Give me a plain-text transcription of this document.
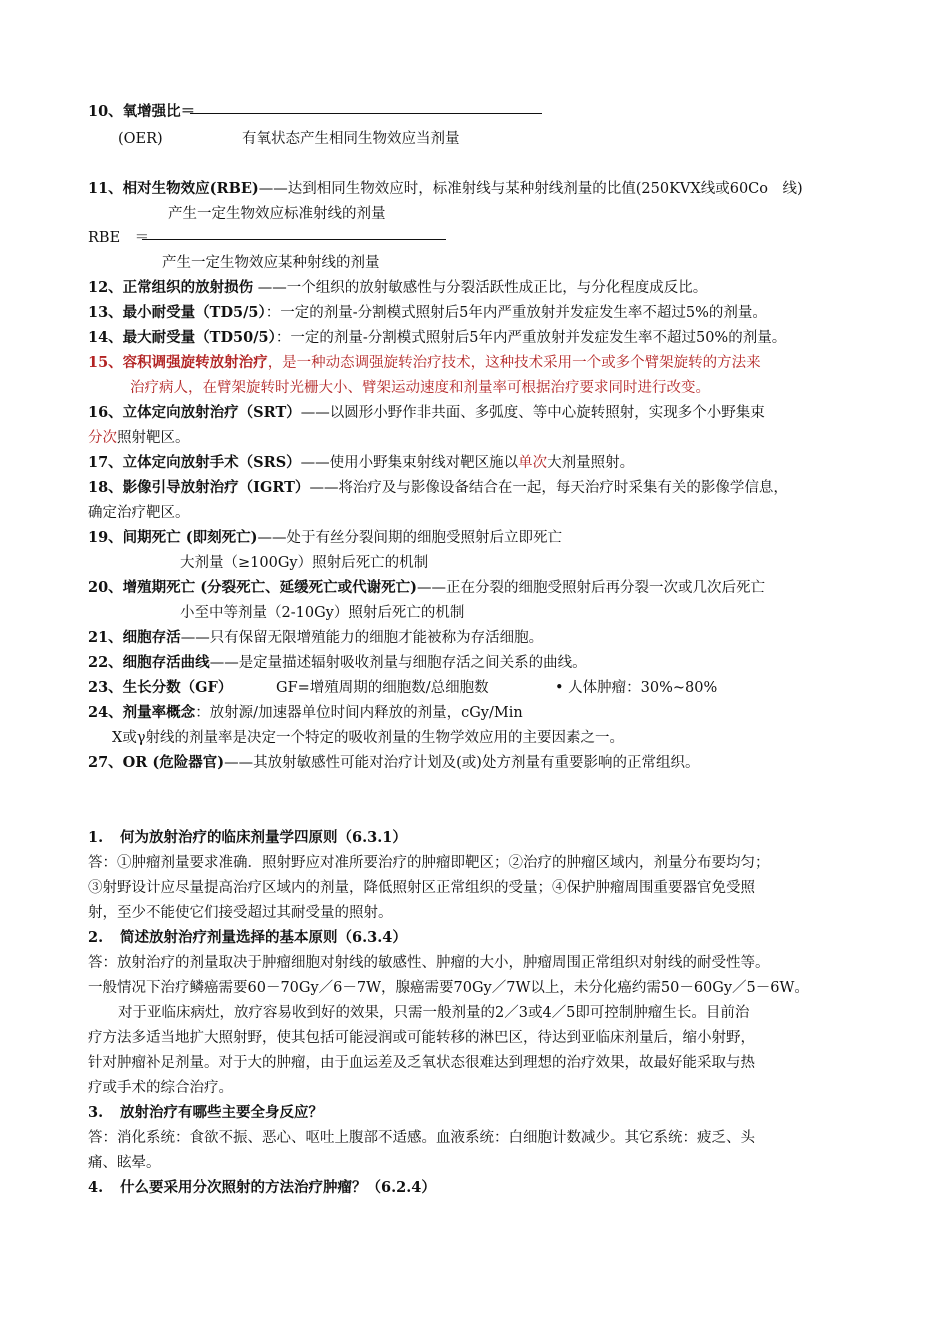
10、氧增强比＝
(OER)	有氧状态产生相同生物效应当剂量
11、相对生物效应(RBE)——达到相同生物效应时，标准射线与某种射线剂量的比值(250KVX线或60Co　线)
产生一定生物效应标准射线的剂量
RBE　＝
产生一定生物效应某种射线的剂量
12、正常组织的放射损伤 ——一个组织的放射敏感性与分裂活跃性成正比，与分化程度成反比。
13、最小耐受量（TD5/5）：一定的剂量-分割模式照射后5年内严重放射并发症发生率不超过5%的剂量。
14、最大耐受量（TD50/5）：一定的剂量-分割模式照射后5年内严重放射并发症发生率不超过50%的剂量。
15、容积调强旋转放射治疗，是一种动态调强旋转治疗技术，这种技术采用一个或多个臂架旋转的方法来
治疗病人，在臂架旋转时光栅大小、臂架运动速度和剂量率可根据治疗要求同时进行改变。
16、立体定向放射治疗（SRT）——以圆形小野作非共面、多弧度、等中心旋转照射，实现多个小野集束
分次照射靶区。
17、立体定向放射手术（SRS）——使用小野集束射线对靶区施以单次大剂量照射。
18、影像引导放射治疗（IGRT）——将治疗及与影像设备结合在一起，每天治疗时采集有关的影像学信息，
确定治疗靶区。
19、间期死亡 (即刻死亡)——处于有丝分裂间期的细胞受照射后立即死亡
大剂量（≥100Gy）照射后死亡的机制
20、增殖期死亡 (分裂死亡、延缓死亡或代谢死亡)——正在分裂的细胞受照射后再分裂一次或几次后死亡
小至中等剂量（2-10Gy）照射后死亡的机制
21、细胞存活——只有保留无限增殖能力的细胞才能被称为存活细胞。
22、细胞存活曲线——是定量描述辐射吸收剂量与细胞存活之间关系的曲线。
23、生长分数（GF）	GF=增殖周期的细胞数/总细胞数	• 人体肿瘤：30%~80%
24、剂量率概念：放射源/加速器单位时间内释放的剂量，cGy/Min
X或γ射线的剂量率是决定一个特定的吸收剂量的生物学效应用的主要因素之一。
27、OR (危险器官)——其放射敏感性可能对治疗计划及(或)处方剂量有重要影响的正常组织。
1. 何为放射治疗的临床剂量学四原则（6.3.1）
答：①肿瘤剂量要求准确．照射野应对准所要治疗的肿瘤即靶区；②治疗的肿瘤区域内，剂量分布要均匀；
③射野设计应尽量提高治疗区域内的剂量，降低照射区正常组织的受量；④保护肿瘤周围重要器官免受照
射，至少不能使它们接受超过其耐受量的照射。
2. 简述放射治疗剂量选择的基本原则（6.3.4）
答：放射治疗的剂量取决于肿瘤细胞对射线的敏感性、肿瘤的大小，肿瘤周围正常组织对射线的耐受性等。
一般情况下治疗鳞癌需要60－70Gy／6－7W，腺癌需要70Gy／7W以上，未分化癌约需50－60Gy／5－6W。
对于亚临床病灶，放疗容易收到好的效果，只需一般剂量的2／3或4／5即可控制肿瘤生长。目前治
疗方法多适当地扩大照射野，使其包括可能浸润或可能转移的淋巴区，待达到亚临床剂量后，缩小射野，
针对肿瘤补足剂量。对于大的肿瘤，由于血运差及乏氧状态很难达到理想的治疗效果，故最好能采取与热
疗或手术的综合治疗。
3. 放射治疗有哪些主要全身反应？
答：消化系统：食欲不振、恶心、呕吐上腹部不适感。血液系统：白细胞计数减少。其它系统：疲乏、头
痛、眩晕。
4. 什么要采用分次照射的方法治疗肿瘤？（6.2.4）
